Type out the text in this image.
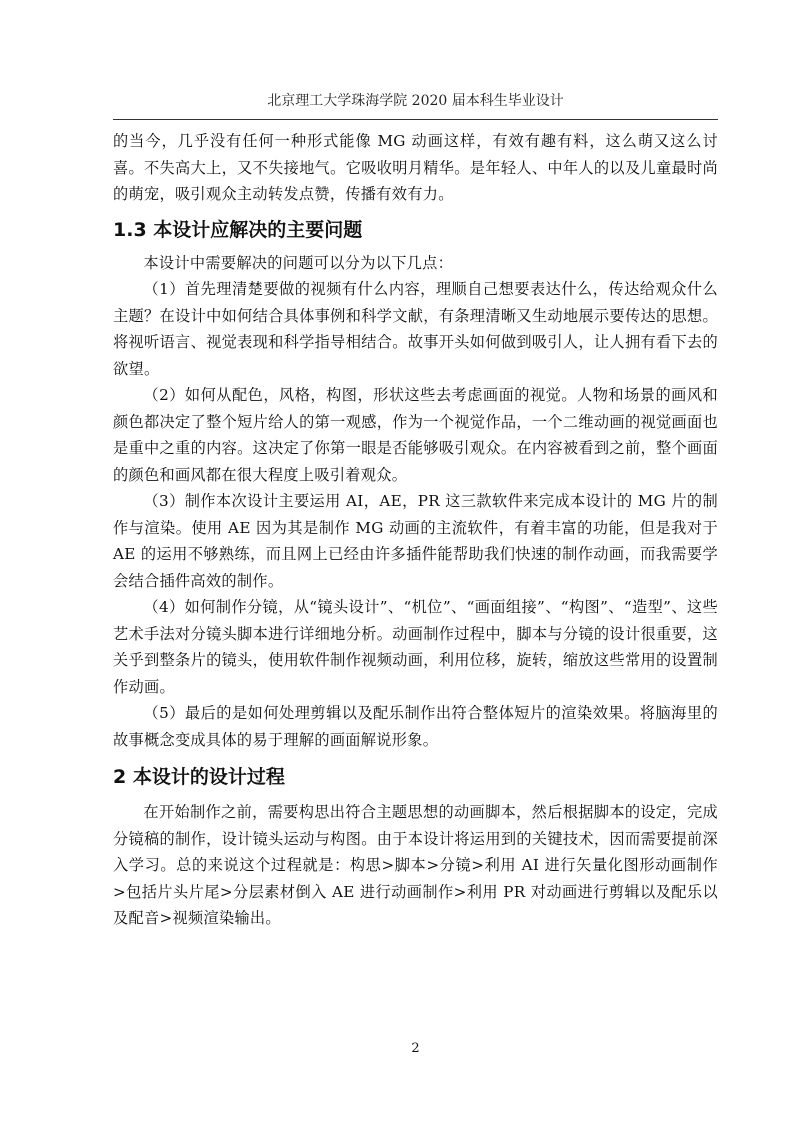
北京理工大学珠海学院 2020 届本科生毕业设计

的当今，几乎没有任何一种形式能像 MG 动画这样，有效有趣有料，这么萌又这么讨喜。不失高大上，又不失接地气。它吸收明月精华。是年轻人、中年人的以及儿童最时尚的萌宠，吸引观众主动转发点赞，传播有效有力。

1.3 本设计应解决的主要问题

本设计中需要解决的问题可以分为以下几点：

（1）首先理清楚要做的视频有什么内容，理顺自己想要表达什么，传达给观众什么主题？在设计中如何结合具体事例和科学文献，有条理清晰又生动地展示要传达的思想。将视听语言、视觉表现和科学指导相结合。故事开头如何做到吸引人，让人拥有看下去的欲望。

（2）如何从配色，风格，构图，形状这些去考虑画面的视觉。人物和场景的画风和颜色都决定了整个短片给人的第一观感，作为一个视觉作品，一个二维动画的视觉画面也是重中之重的内容。这决定了你第一眼是否能够吸引观众。在内容被看到之前，整个画面的颜色和画风都在很大程度上吸引着观众。

（3）制作本次设计主要运用 AI，AE，PR 这三款软件来完成本设计的 MG 片的制作与渲染。使用 AE 因为其是制作 MG 动画的主流软件，有着丰富的功能，但是我对于 AE 的运用不够熟练，而且网上已经由许多插件能帮助我们快速的制作动画，而我需要学会结合插件高效的制作。

（4）如何制作分镜，从“镜头设计”、“机位”、“画面组接”、“构图”、“造型”、这些艺术手法对分镜头脚本进行详细地分析。动画制作过程中，脚本与分镜的设计很重要，这关乎到整条片的镜头，使用软件制作视频动画，利用位移，旋转，缩放这些常用的设置制作动画。

（5）最后的是如何处理剪辑以及配乐制作出符合整体短片的渲染效果。将脑海里的故事概念变成具体的易于理解的画面解说形象。

2 本设计的设计过程

在开始制作之前，需要构思出符合主题思想的动画脚本，然后根据脚本的设定，完成分镜稿的制作，设计镜头运动与构图。由于本设计将运用到的关键技术，因而需要提前深入学习。总的来说这个过程就是：构思>脚本>分镜>利用 AI 进行矢量化图形动画制作>包括片头片尾>分层素材倒入 AE 进行动画制作>利用 PR 对动画进行剪辑以及配乐以及配音>视频渲染输出。

2
